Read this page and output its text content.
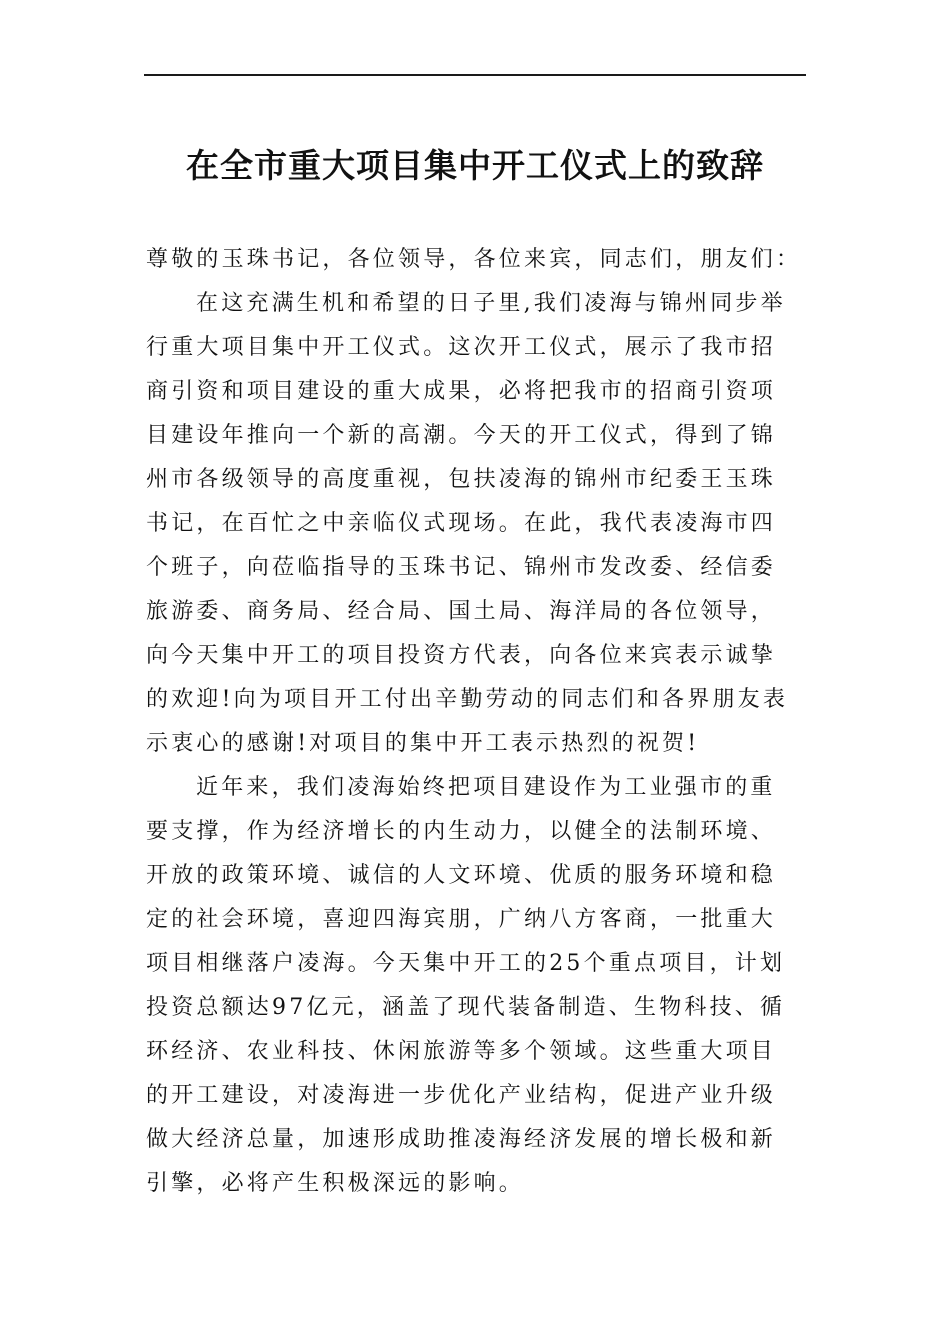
在全市重大项目集中开工仪式上的致辞
尊敬的玉珠书记，各位领导，各位来宾，同志们，朋友们：
在这充满生机和希望的日子里,我们凌海与锦州同步举
行重大项目集中开工仪式。这次开工仪式，展示了我市招
商引资和项目建设的重大成果，必将把我市的招商引资项
目建设年推向一个新的高潮。今天的开工仪式，得到了锦
州市各级领导的高度重视，包扶凌海的锦州市纪委王玉珠
书记，在百忙之中亲临仪式现场。在此，我代表凌海市四
个班子，向莅临指导的玉珠书记、锦州市发改委、经信委
旅游委、商务局、经合局、国土局、海洋局的各位领导，
向今天集中开工的项目投资方代表，向各位来宾表示诚挚
的欢迎!向为项目开工付出辛勤劳动的同志们和各界朋友表
示衷心的感谢!对项目的集中开工表示热烈的祝贺!
近年来，我们凌海始终把项目建设作为工业强市的重
要支撑，作为经济增长的内生动力，以健全的法制环境、
开放的政策环境、诚信的人文环境、优质的服务环境和稳
定的社会环境，喜迎四海宾朋，广纳八方客商，一批重大
项目相继落户凌海。今天集中开工的25个重点项目，计划
投资总额达97亿元，涵盖了现代装备制造、生物科技、循
环经济、农业科技、休闲旅游等多个领域。这些重大项目
的开工建设，对凌海进一步优化产业结构，促进产业升级
做大经济总量，加速形成助推凌海经济发展的增长极和新
引擎，必将产生积极深远的影响。
